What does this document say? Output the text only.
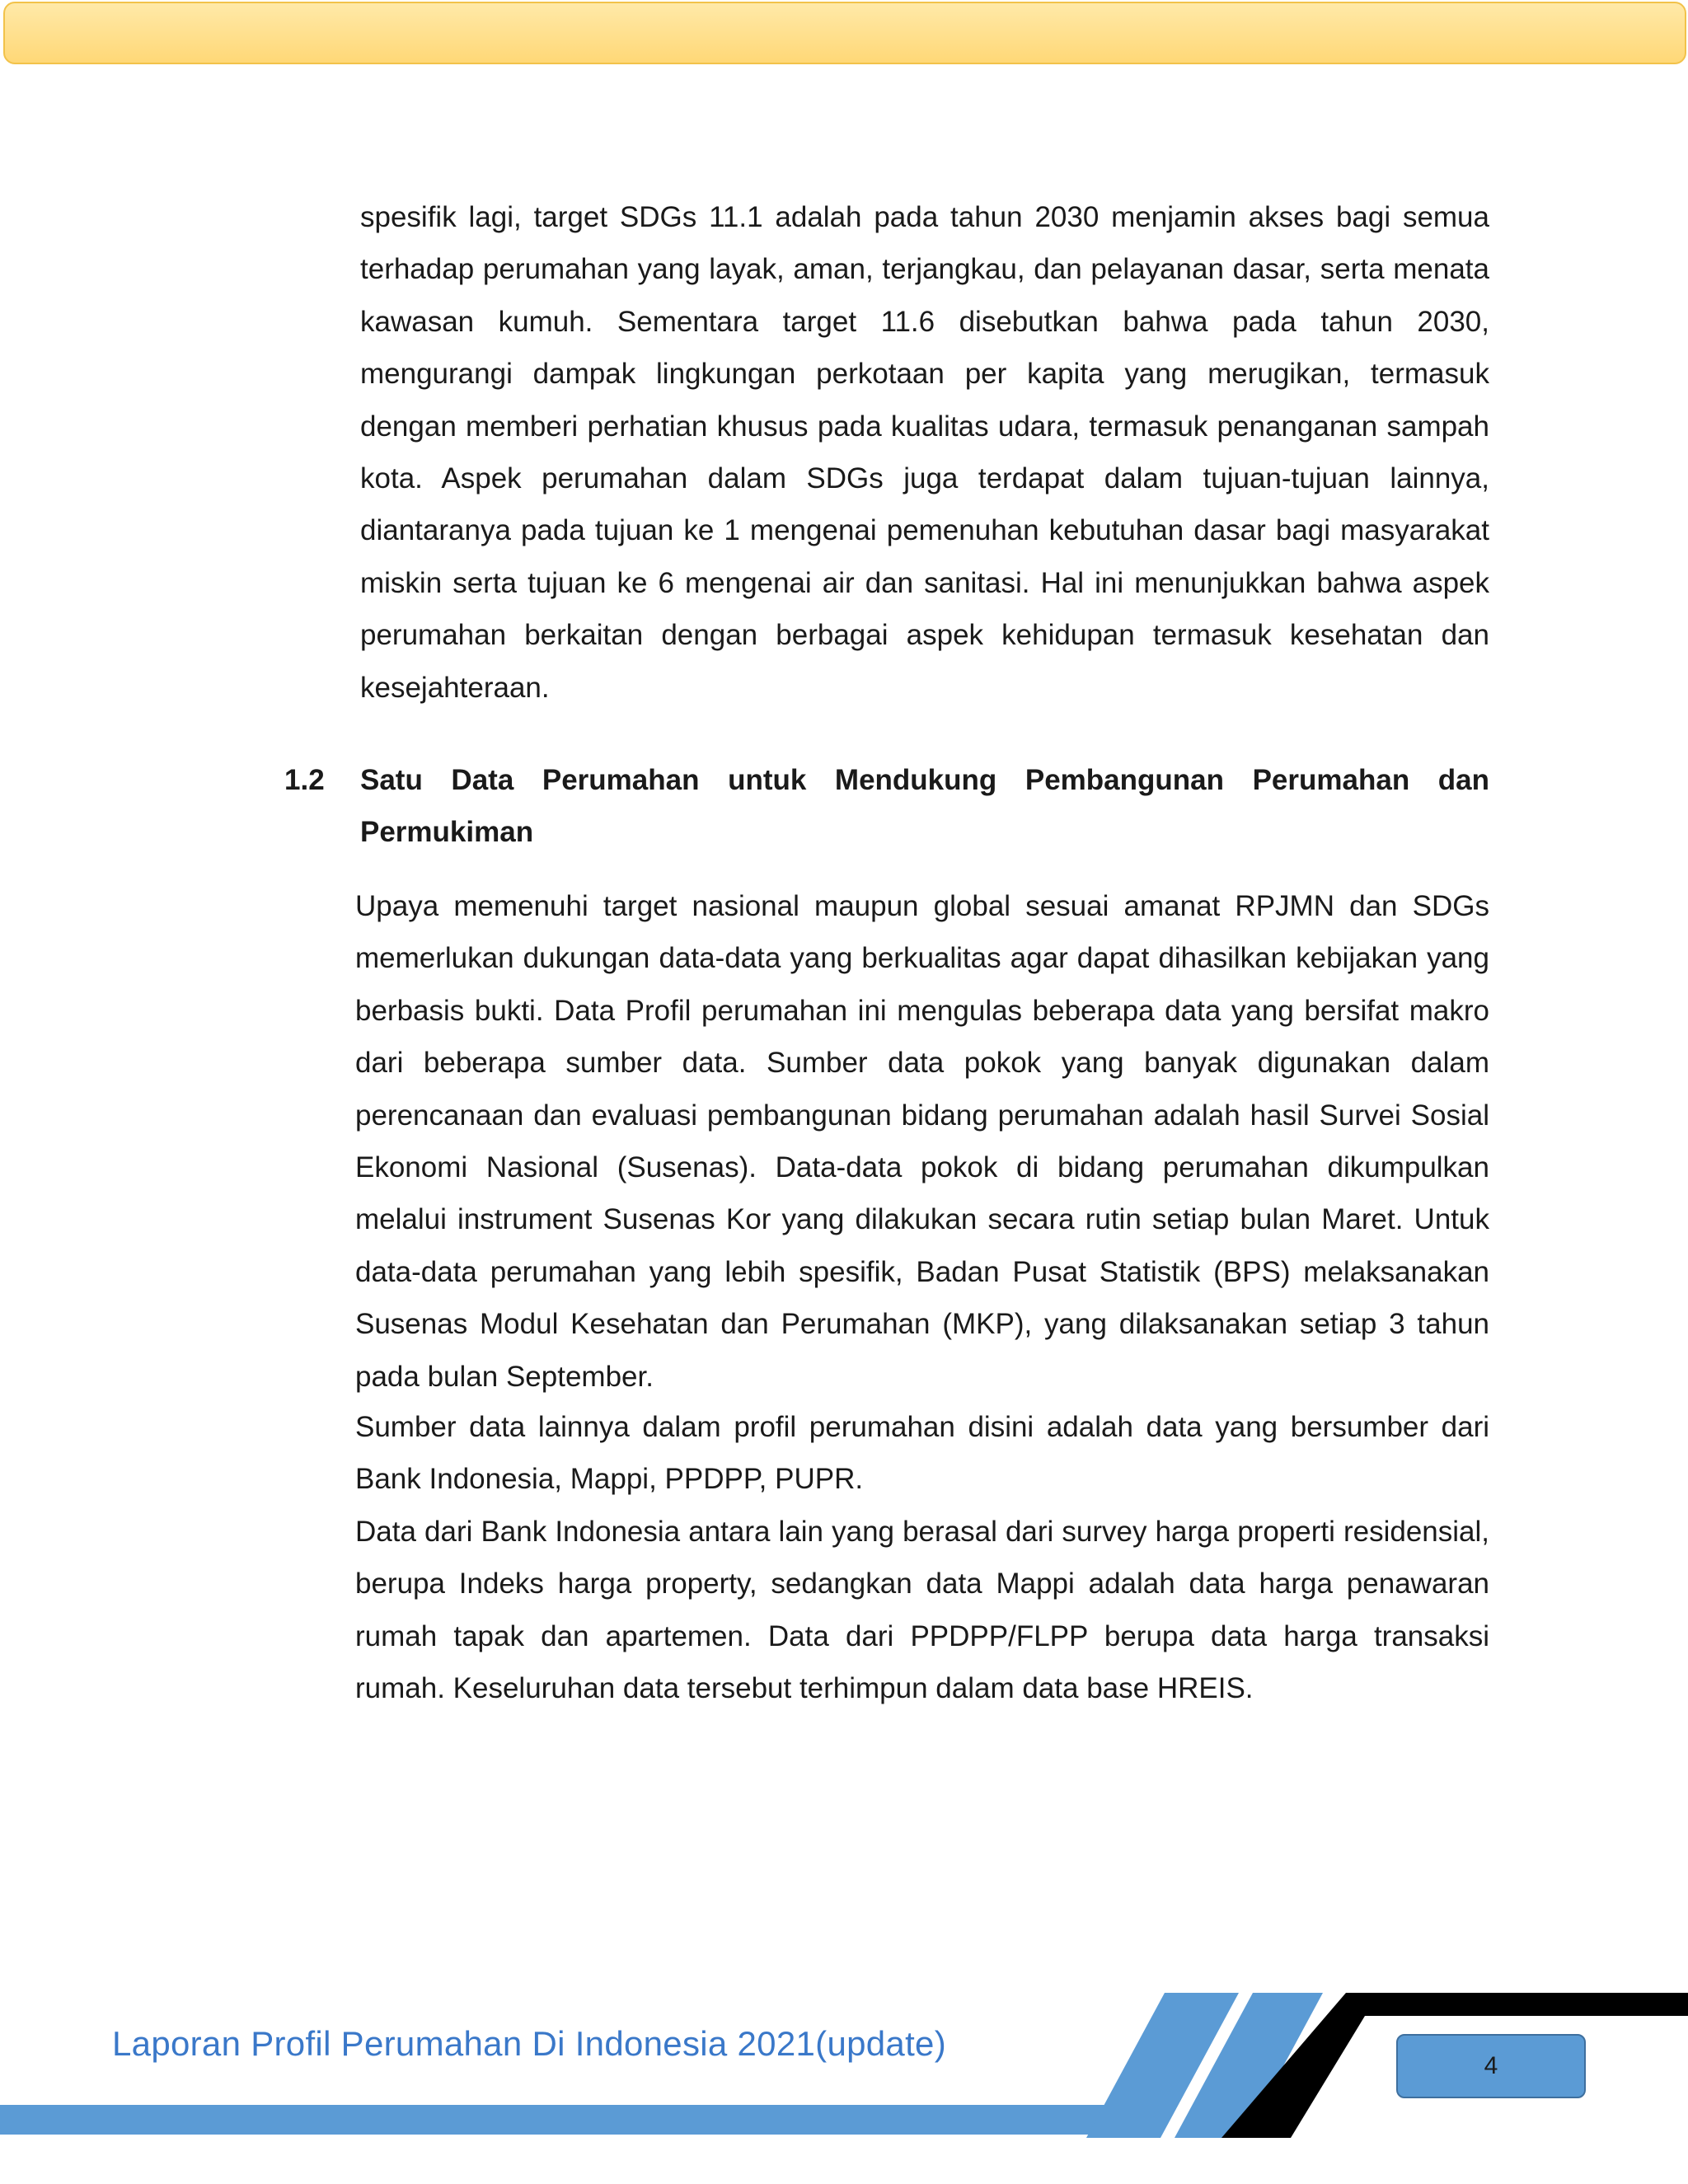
spesifik lagi, target SDGs 11.1 adalah pada tahun 2030 menjamin akses bagi semua terhadap perumahan yang layak, aman, terjangkau, dan pelayanan dasar, serta menata kawasan kumuh. Sementara target 11.6 disebutkan bahwa pada tahun 2030, mengurangi dampak lingkungan perkotaan per kapita yang merugikan, termasuk dengan memberi perhatian khusus pada kualitas udara, termasuk penanganan sampah kota. Aspek perumahan dalam SDGs juga terdapat dalam tujuan-tujuan lainnya, diantaranya pada tujuan ke 1 mengenai pemenuhan kebutuhan dasar bagi masyarakat miskin serta tujuan ke 6 mengenai air dan sanitasi. Hal ini menunjukkan bahwa aspek perumahan berkaitan dengan berbagai aspek kehidupan termasuk kesehatan dan kesejahteraan.

1.2 Satu Data Perumahan untuk Mendukung Pembangunan Perumahan dan Permukiman

Upaya memenuhi target nasional maupun global sesuai amanat RPJMN dan SDGs memerlukan dukungan data-data yang berkualitas agar dapat dihasilkan kebijakan yang berbasis bukti. Data Profil perumahan ini mengulas beberapa data yang bersifat makro dari beberapa sumber data. Sumber data pokok yang banyak digunakan dalam perencanaan dan evaluasi pembangunan bidang perumahan adalah hasil Survei Sosial Ekonomi Nasional (Susenas). Data-data pokok di bidang perumahan dikumpulkan melalui instrument Susenas Kor yang dilakukan secara rutin setiap bulan Maret. Untuk data-data perumahan yang lebih spesifik, Badan Pusat Statistik (BPS) melaksanakan Susenas Modul Kesehatan dan Perumahan (MKP), yang dilaksanakan setiap 3 tahun pada bulan September.

Sumber data lainnya dalam profil perumahan disini adalah data yang bersumber dari Bank Indonesia, Mappi, PPDPP, PUPR.

Data dari Bank Indonesia antara lain yang berasal dari survey harga properti residensial, berupa Indeks harga property, sedangkan data Mappi adalah data harga penawaran rumah tapak dan apartemen. Data dari PPDPP/FLPP berupa data harga transaksi rumah. Keseluruhan data tersebut terhimpun dalam data base HREIS.

Laporan Profil Perumahan Di Indonesia 2021(update)
4
